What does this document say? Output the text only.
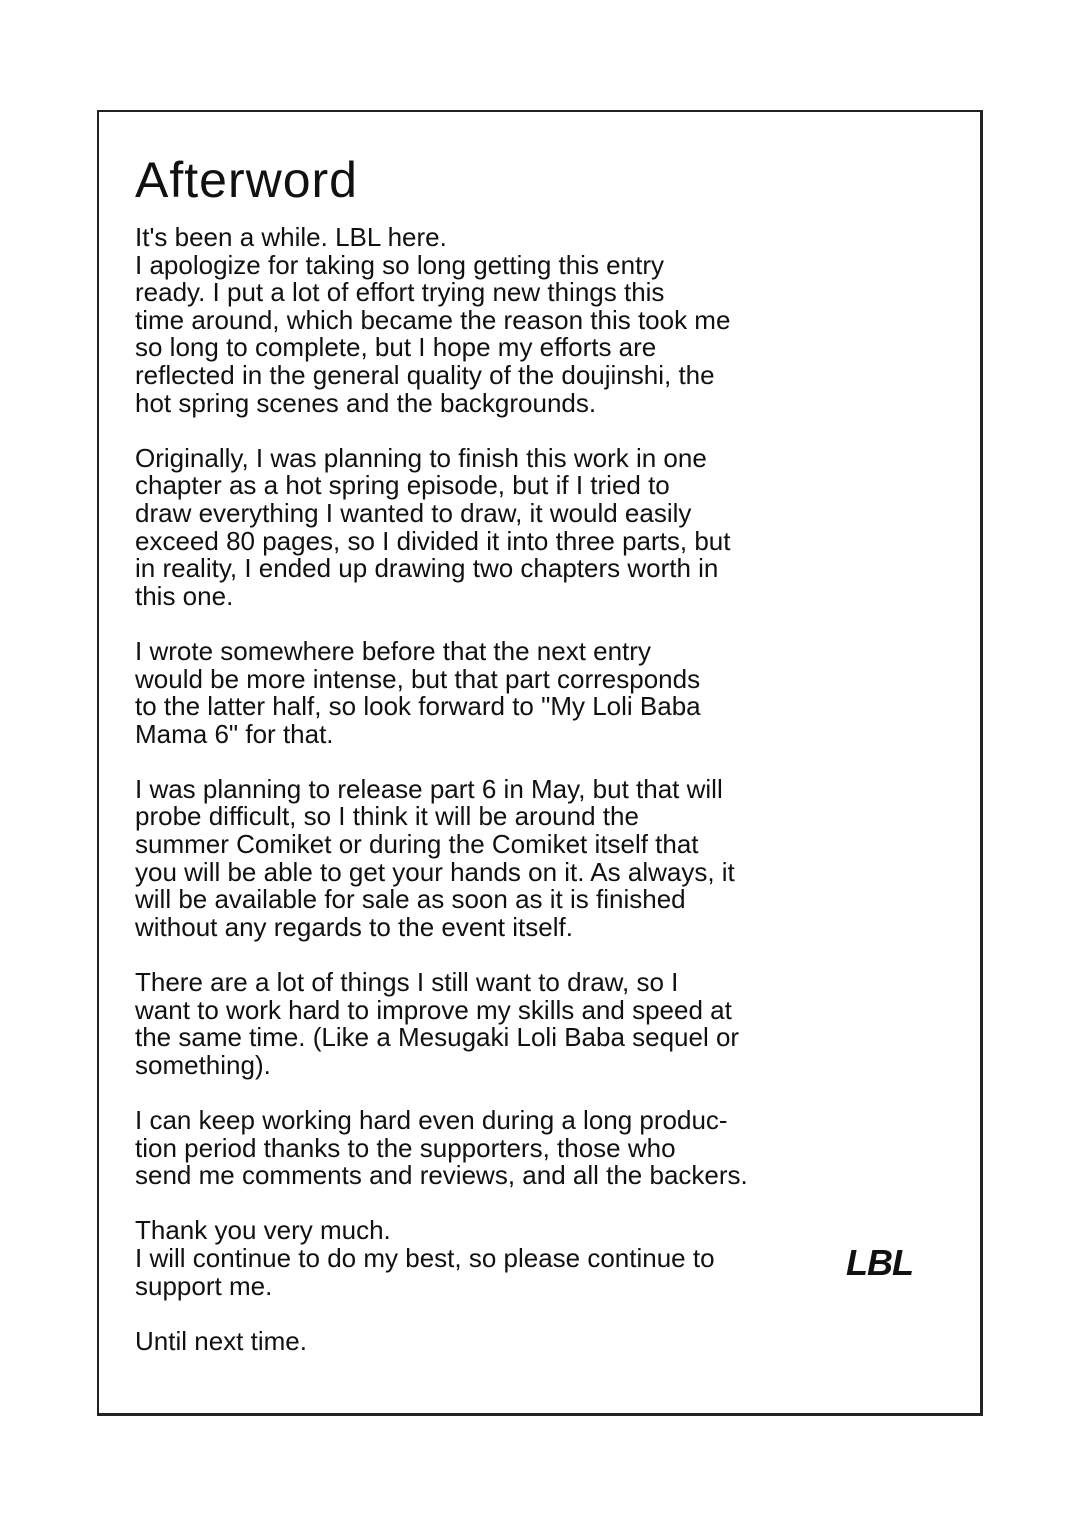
Afterword
It's been a while. LBL here.
I apologize for taking so long getting this entry
ready. I put a lot of effort trying new things this
time around, which became the reason this took me
so long to complete, but I hope my efforts are
reflected in the general quality of the doujinshi, the
hot spring scenes and the backgrounds.
Originally, I was planning to finish this work in one
chapter as a hot spring episode, but if I tried to
draw everything I wanted to draw, it would easily
exceed 80 pages, so I divided it into three parts, but
in reality, I ended up drawing two chapters worth in
this one.
I wrote somewhere before that the next entry
would be more intense, but that part corresponds
to the latter half, so look forward to "My Loli Baba
Mama 6" for that.
I was planning to release part 6 in May, but that will
probe difficult, so I think it will be around the
summer Comiket or during the Comiket itself that
you will be able to get your hands on it. As always, it
will be available for sale as soon as it is finished
without any regards to the event itself.
There are a lot of things I still want to draw, so I
want to work hard to improve my skills and speed at
the same time. (Like a Mesugaki Loli Baba sequel or
something).
I can keep working hard even during a long produc-
tion period thanks to the supporters, those who
send me comments and reviews, and all the backers.
Thank you very much.
I will continue to do my best, so please continue to
support me.
Until next time.
LBL
